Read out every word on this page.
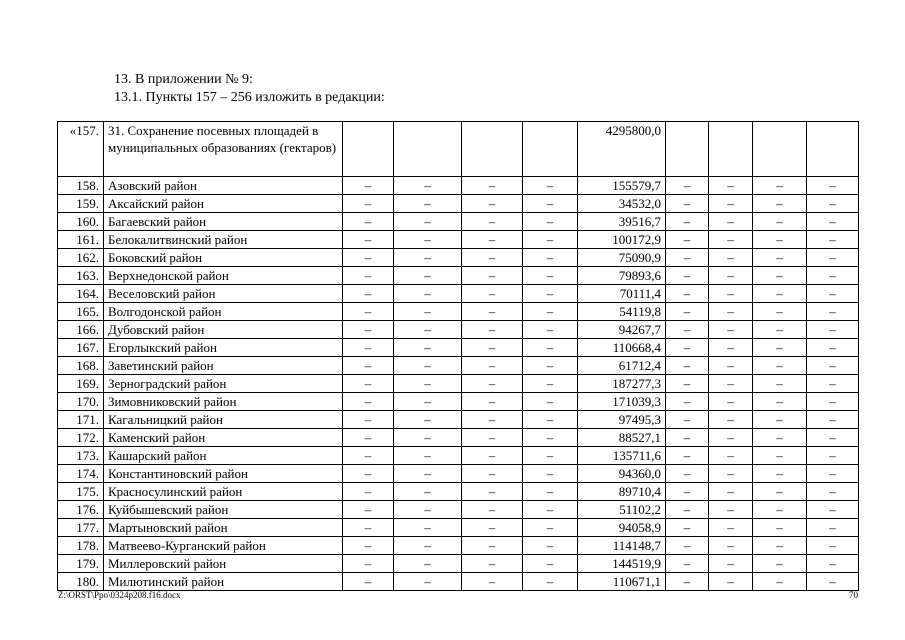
13. В приложении № 9:
13.1. Пункты 157 – 256 изложить в редакции:
«157.	31. Сохранение посевных площадей в муниципальных образованиях (гектаров)					4295800,0				
158.	Азовский район	–	–	–	–	155579,7	–	–	–	–
159.	Аксайский район	–	–	–	–	34532,0	–	–	–	–
160.	Багаевский район	–	–	–	–	39516,7	–	–	–	–
161.	Белокалитвинский район	–	–	–	–	100172,9	–	–	–	–
162.	Боковский район	–	–	–	–	75090,9	–	–	–	–
163.	Верхнедонской район	–	–	–	–	79893,6	–	–	–	–
164.	Веселовский район	–	–	–	–	70111,4	–	–	–	–
165.	Волгодонской район	–	–	–	–	54119,8	–	–	–	–
166.	Дубовский район	–	–	–	–	94267,7	–	–	–	–
167.	Егорлыкский район	–	–	–	–	110668,4	–	–	–	–
168.	Заветинский район	–	–	–	–	61712,4	–	–	–	–
169.	Зерноградский район	–	–	–	–	187277,3	–	–	–	–
170.	Зимовниковский район	–	–	–	–	171039,3	–	–	–	–
171.	Кагальницкий район	–	–	–	–	97495,3	–	–	–	–
172.	Каменский район	–	–	–	–	88527,1	–	–	–	–
173.	Кашарский район	–	–	–	–	135711,6	–	–	–	–
174.	Константиновский район	–	–	–	–	94360,0	–	–	–	–
175.	Красносулинский район	–	–	–	–	89710,4	–	–	–	–
176.	Куйбышевский район	–	–	–	–	51102,2	–	–	–	–
177.	Мартыновский район	–	–	–	–	94058,9	–	–	–	–
178.	Матвеево-Курганский район	–	–	–	–	114148,7	–	–	–	–
179.	Миллеровский район	–	–	–	–	144519,9	–	–	–	–
180.	Милютинский район	–	–	–	–	110671,1	–	–	–	–
Z:\ORST\Ppo\0324p208.f16.docx	70
